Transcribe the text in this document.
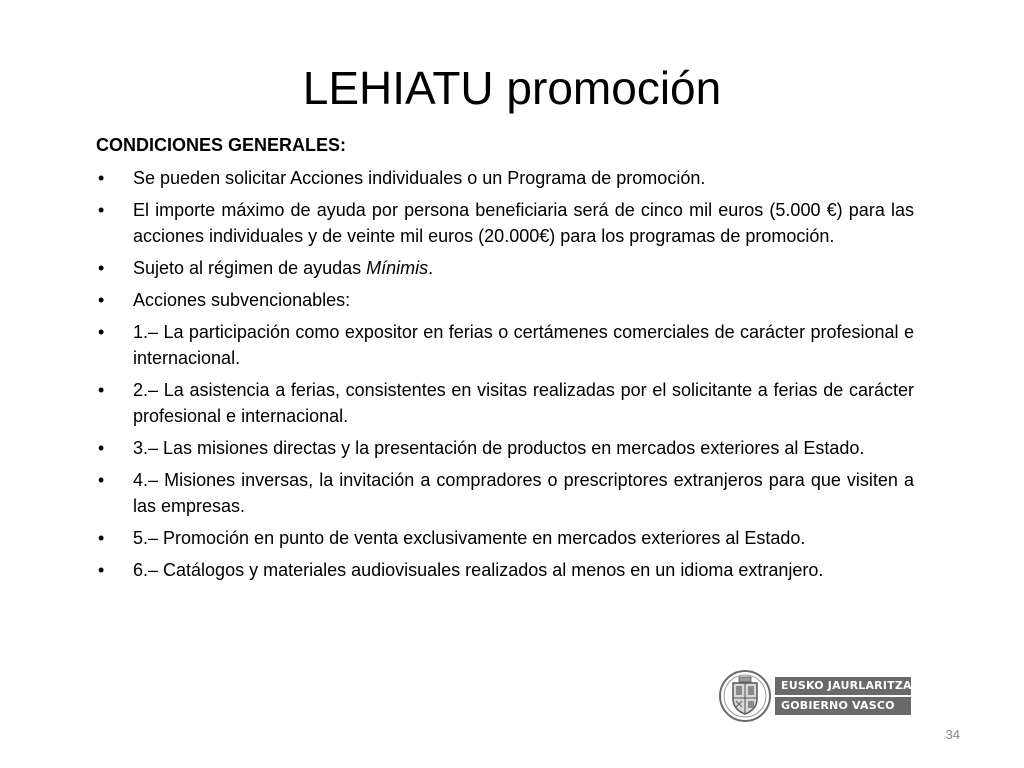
LEHIATU promoción
CONDICIONES GENERALES:
• Se pueden solicitar Acciones individuales o un Programa de promoción.
• El importe máximo de ayuda por persona beneficiaria será de cinco mil euros (5.000 €) para las acciones individuales y de veinte mil euros (20.000€) para los programas de promoción.
• Sujeto al régimen de ayudas Mínimis.
• Acciones subvencionables:
• 1.– La participación como expositor en ferias o certámenes comerciales de carácter profesional e internacional.
• 2.– La asistencia a ferias, consistentes en visitas realizadas por el solicitante a ferias de carácter profesional e internacional.
• 3.– Las misiones directas y la presentación de productos en mercados exteriores al Estado.
• 4.– Misiones inversas, la invitación a compradores o prescriptores extranjeros para que visiten a las empresas.
• 5.– Promoción en punto de venta exclusivamente en mercados exteriores al Estado.
• 6.– Catálogos y materiales audiovisuales realizados al menos en un idioma extranjero.
EUSKO JAURLARITZA
GOBIERNO VASCO
34
